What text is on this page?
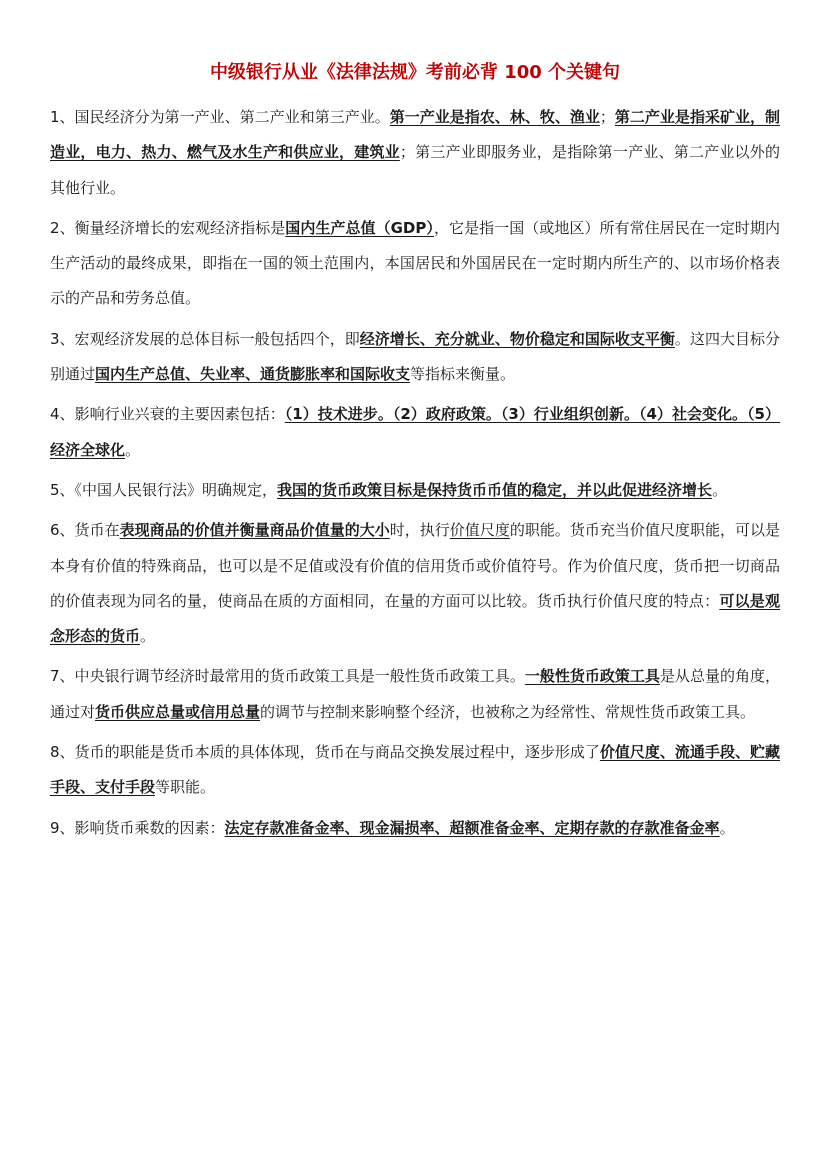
中级银行从业《法律法规》考前必背 100 个关键句

1、国民经济分为第一产业、第二产业和第三产业。第一产业是指农、林、牧、渔业；第二产业是指采矿业，制造业，电力、热力、燃气及水生产和供应业，建筑业；第三产业即服务业，是指除第一产业、第二产业以外的其他行业。

2、衡量经济增长的宏观经济指标是国内生产总值（GDP），它是指一国（或地区）所有常住居民在一定时期内生产活动的最终成果，即指在一国的领土范围内，本国居民和外国居民在一定时期内所生产的、以市场价格表示的产品和劳务总值。

3、宏观经济发展的总体目标一般包括四个，即经济增长、充分就业、物价稳定和国际收支平衡。这四大目标分别通过国内生产总值、失业率、通货膨胀率和国际收支等指标来衡量。

4、影响行业兴衰的主要因素包括：（1）技术进步。（2）政府政策。（3）行业组织创新。（4）社会变化。（5）经济全球化。

5、《中国人民银行法》明确规定，我国的货币政策目标是保持货币币值的稳定，并以此促进经济增长。

6、货币在表现商品的价值并衡量商品价值量的大小时，执行价值尺度的职能。货币充当价值尺度职能，可以是本身有价值的特殊商品，也可以是不足值或没有价值的信用货币或价值符号。作为价值尺度，货币把一切商品的价值表现为同名的量，使商品在质的方面相同，在量的方面可以比较。货币执行价值尺度的特点：可以是观念形态的货币。

7、中央银行调节经济时最常用的货币政策工具是一般性货币政策工具。一般性货币政策工具是从总量的角度，通过对货币供应总量或信用总量的调节与控制来影响整个经济，也被称之为经常性、常规性货币政策工具。

8、货币的职能是货币本质的具体体现，货币在与商品交换发展过程中，逐步形成了价值尺度、流通手段、贮藏手段、支付手段等职能。

9、影响货币乘数的因素：法定存款准备金率、现金漏损率、超额准备金率、定期存款的存款准备金率。
